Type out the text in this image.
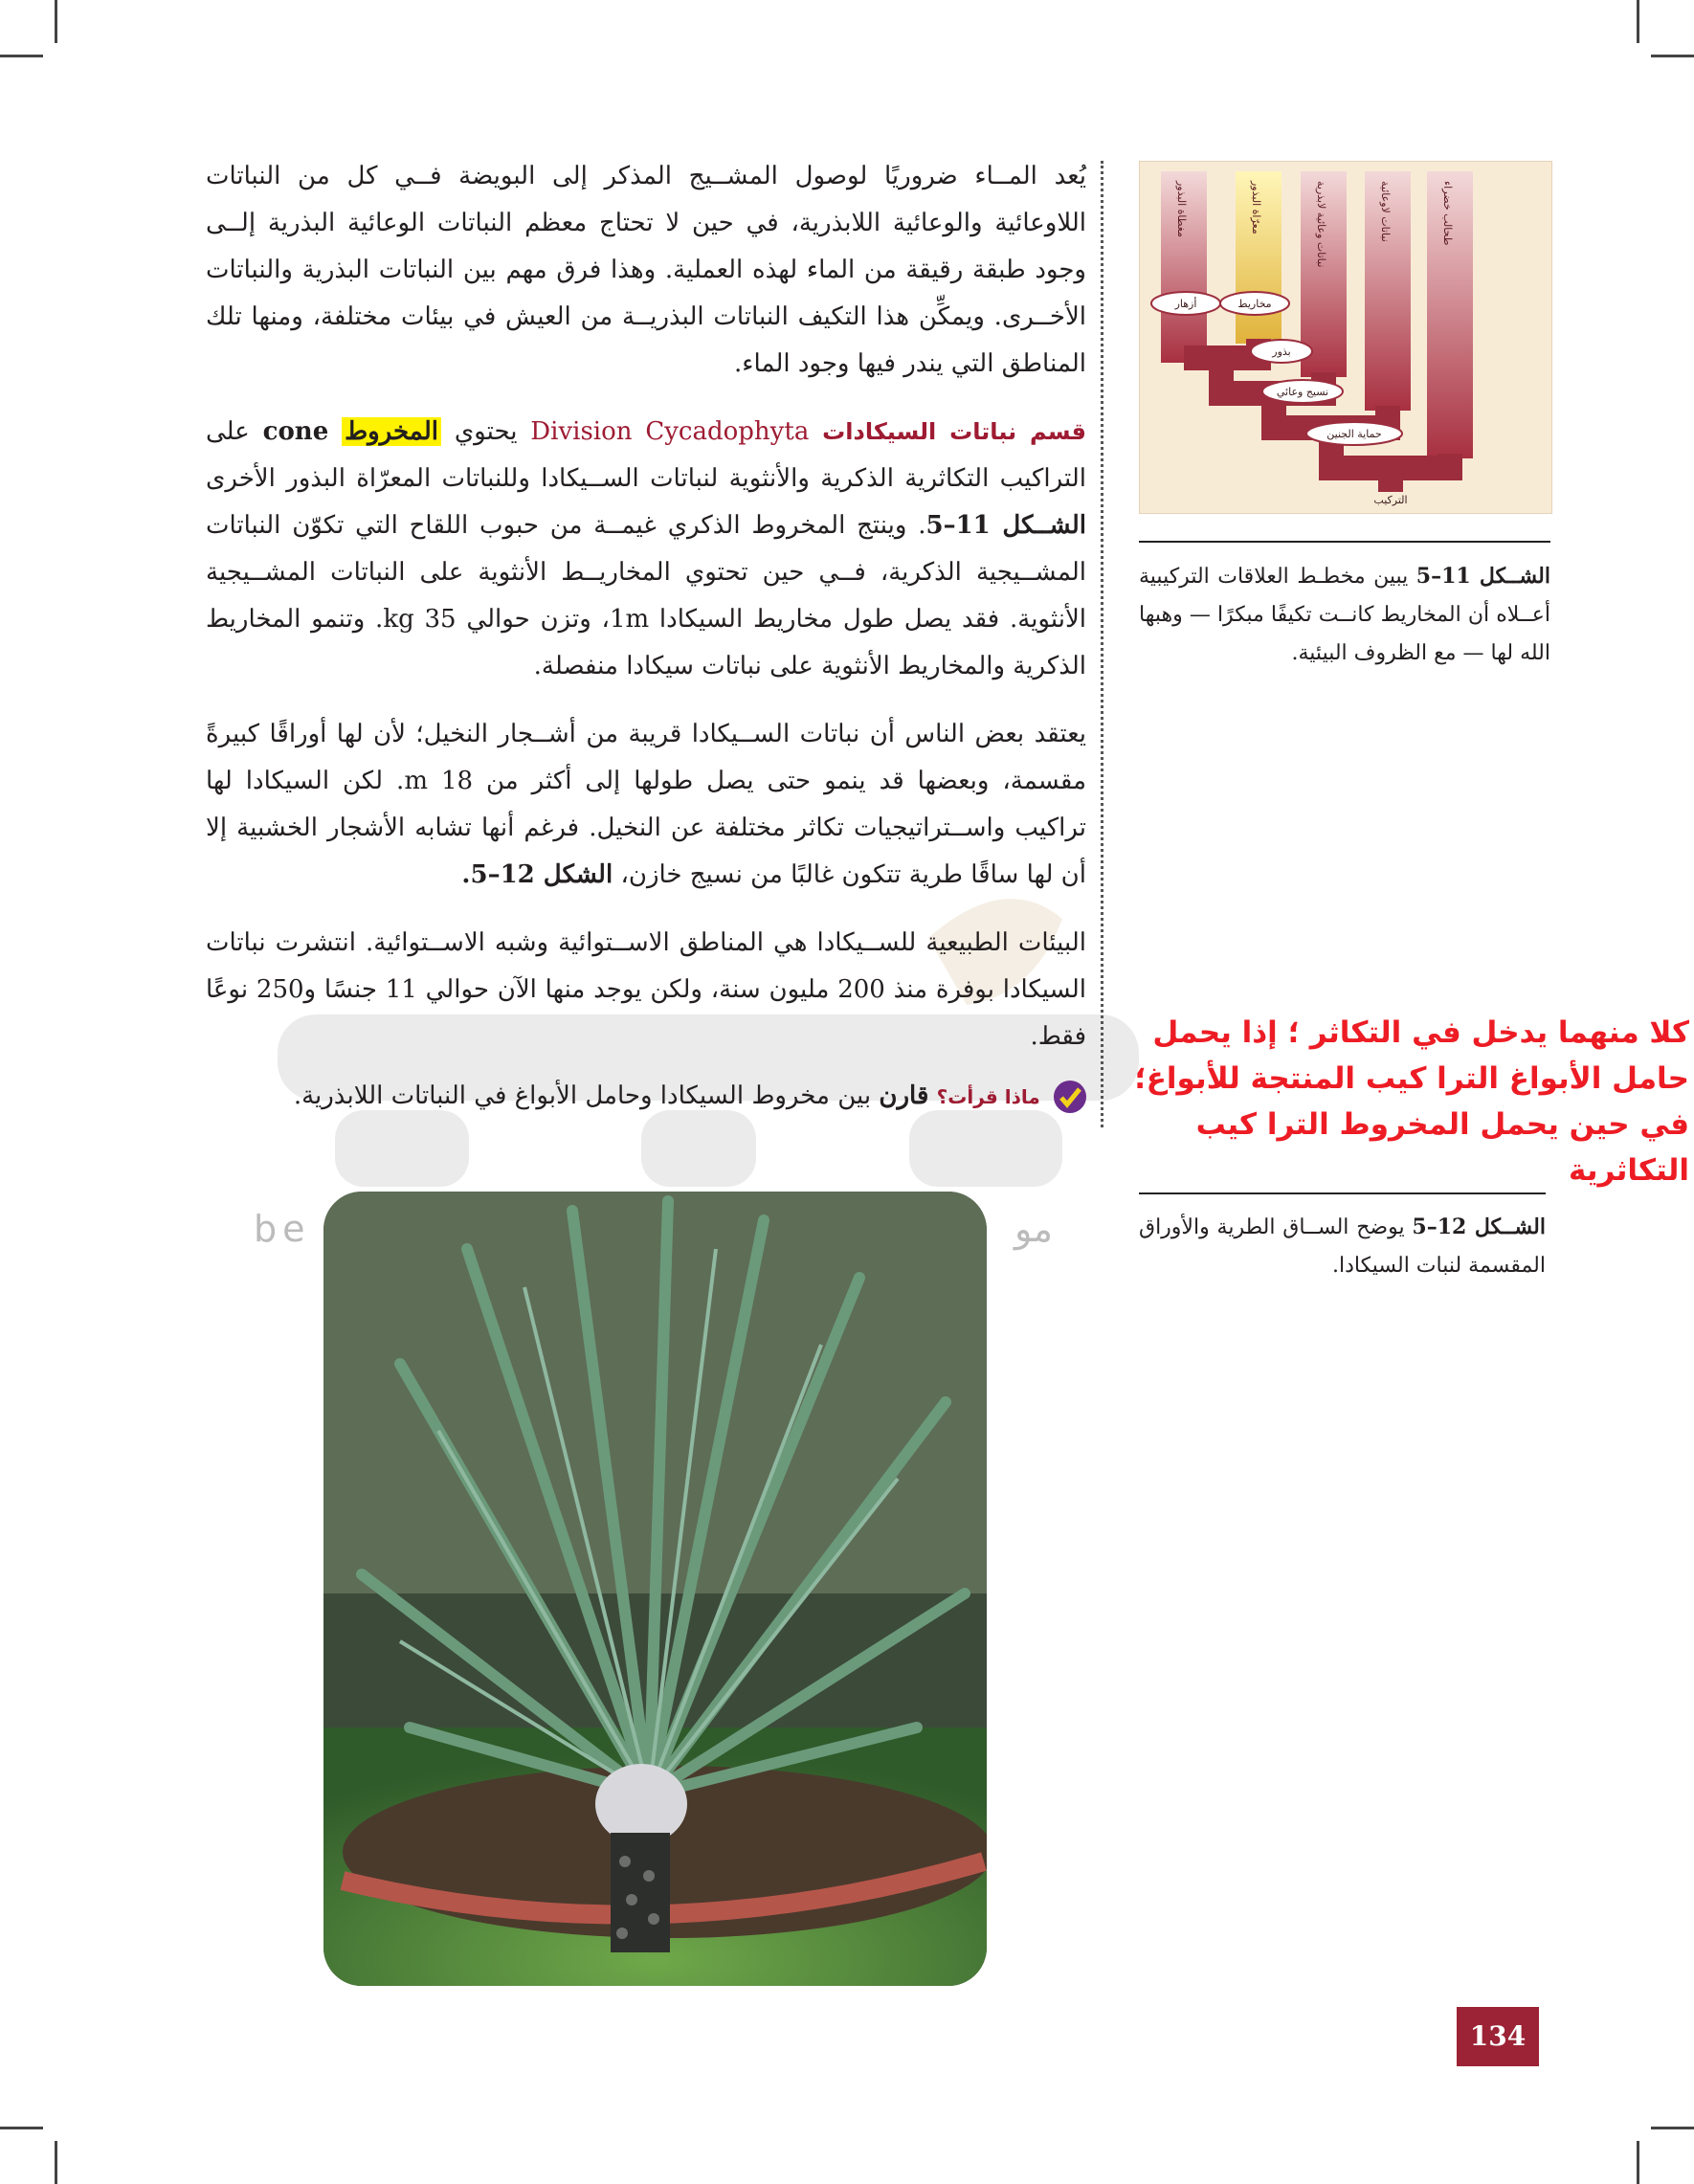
be	مو

يُعد المــاء ضروريًا لوصول المشــيج المذكر إلى البويضة فــي كل من النباتات اللاوعائية والوعائية اللابذرية، في حين لا تحتاج معظم النباتات الوعائية البذرية إلــى وجود طبقة رقيقة من الماء لهذه العملية. وهذا فرق مهم بين النباتات البذرية والنباتات الأخــرى. ويمكِّن هذا التكيف النباتات البذريــة من العيش في بيئات مختلفة، ومنها تلك المناطق التي يندر فيها وجود الماء.

قسم نباتات السيكادات Division Cycadophyta يحتوي المخروط cone على التراكيب التكاثرية الذكرية والأنثوية لنباتات الســيكادا وللنباتات المعرّاة البذور الأخرى الشــكل 11–5. وينتج المخروط الذكري غيمــة من حبوب اللقاح التي تكوّن النباتات المشــيجية الذكرية، فــي حين تحتوي المخاريــط الأنثوية على النباتات المشــيجية الأنثوية. فقد يصل طول مخاريط السيكادا 1m، وتزن حوالي 35 kg. وتنمو المخاريط الذكرية والمخاريط الأنثوية على نباتات سيكادا منفصلة.

يعتقد بعض الناس أن نباتات الســيكادا قريبة من أشــجار النخيل؛ لأن لها أوراقًا كبيرةً مقسمة، وبعضها قد ينمو حتى يصل طولها إلى أكثر من 18 m. لكن السيكادا لها تراكيب واســتراتيجيات تكاثر مختلفة عن النخيل. فرغم أنها تشابه الأشجار الخشبية إلا أن لها ساقًا طرية تتكون غالبًا من نسيج خازن، الشكل 12–5.

البيئات الطبيعية للســيكادا هي المناطق الاســتوائية وشبه الاســتوائية. انتشرت نباتات السيكادا بوفرة منذ 200 مليون سنة، ولكن يوجد منها الآن حوالي 11 جنسًا و250 نوعًا فقط.

ماذا قرأت؟ قارن بين مخروط السيكادا وحامل الأبواغ في النباتات اللابذرية.
مغطاة البذور	معرّاة البذور	نباتات وعائية لابذرية	نباتات لاوعائية	طحالب خضراء
أزهار	مخاريط
بذور
نسيج وعائي
حماية الجنين
التركيب
الشــكل 11–5 يبين مخطـط العلاقات التركيبية أعــلاه أن المخاريط كانــت تكيفًا مبكرًا — وهبها الله لها — مع الظروف البيئية.
كلا منهما يدخل في التكاثر ؛ إذا يحمل حامل الأبواغ الترا كيب المنتجة للأبواغ؛ في حين يحمل المخروط الترا كيب التكاثرية
الشــكل 12–5 يوضح الســاق الطرية والأوراق المقسمة لنبات السيكادا.
134
